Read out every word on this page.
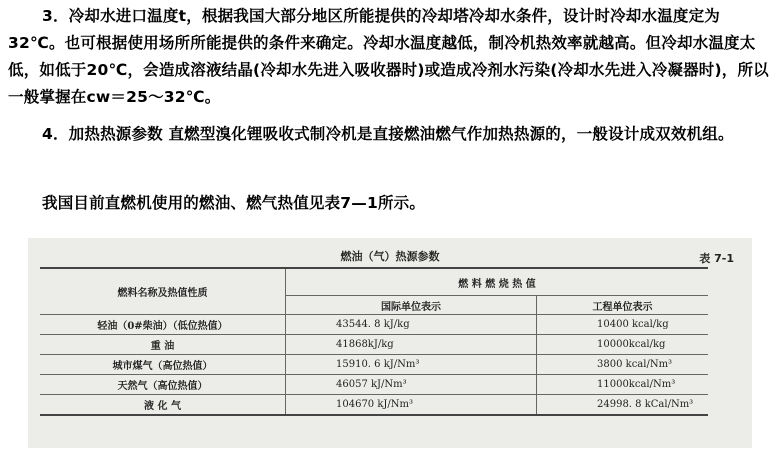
3．冷却水进口温度t，根据我国大部分地区所能提供的冷却塔冷却水条件，设计时冷却水温度定为32℃。也可根据使用场所所能提供的条件来确定。冷却水温度越低，制冷机热效率就越高。但冷却水温度太低，如低于20℃，会造成溶液结晶(冷却水先进入吸收器时)或造成冷剂水污染(冷却水先进入冷凝器时)，所以一般掌握在cw＝25～32℃。

4．加热热源参数 直燃型溴化锂吸收式制冷机是直接燃油燃气作加热热源的，一般设计成双效机组。

我国目前直燃机使用的燃油、燃气热值见表7—1所示。

燃油（气）热源参数	表 7-1
燃料名称及热值性质	燃 料 燃 烧 热 值	
	国际单位表示	工程单位表示
轻油（0#柴油）（低位热值）	43544. 8 kJ/kg	10400 kcal/kg
重 油	41868kJ/kg	10000kcal/kg
城市煤气（高位热值）	15910. 6 kJ/Nm³	3800 kcal/Nm³
天然气（高位热值）	46057 kJ/Nm³	11000kcal/Nm³
液 化 气	104670 kJ/Nm³	24998. 8 kCal/Nm³
